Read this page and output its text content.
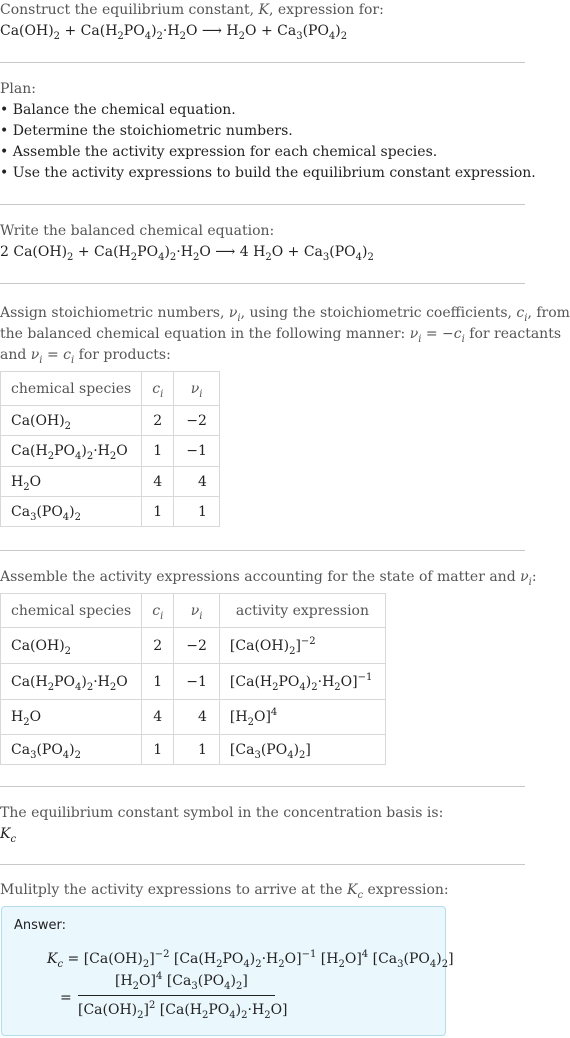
Construct the equilibrium constant, K, expression for:

$Ca(OH)_2 + Ca(H_2PO_4)_2\cdot H_2O$ ⟶ $H_2O + Ca_3(PO_4)_2$

Plan:

• Balance the chemical equation.

• Determine the stoichiometric numbers.

• Assemble the activity expression for each chemical species.

• Use the activity expressions to build the equilibrium constant expression.

Write the balanced chemical equation:

2 $Ca(OH)_2 + Ca(H_2PO_4)_2\cdot H_2O$ ⟶ 4 $H_2O + Ca_3(PO_4)_2$

Assign stoichiometric numbers, $\nu_i$, using the stoichiometric coefficients, $c_i$, from

the balanced chemical equation in the following manner: $\nu_i = -c_i$ for reactants

and $\nu_i = c_i$ for products:

chemical species	$c_i$	$\nu_i$
$Ca(OH)_2$	2	−2
$Ca(H_2PO_4)_2\cdot H_2O$	1	−1
$H_2O$	4	4
$Ca_3(PO_4)_2$	1	1

Assemble the activity expressions accounting for the state of matter and $\nu_i$:

chemical species	$c_i$	$\nu_i$	activity expression
$Ca(OH)_2$	2	−2	$[Ca(OH)_2]^{-2}$
$Ca(H_2PO_4)_2\cdot H_2O$	1	−1	$[Ca(H_2PO_4)_2\cdot H_2O]^{-1}$
$H_2O$	4	4	$[H_2O]^4$
$Ca_3(PO_4)_2$	1	1	$[Ca_3(PO_4)_2]$

The equilibrium constant symbol in the concentration basis is:

$K_c$

Mulitply the activity expressions to arrive at the $K_c$ expression:

Answer:
$K_c = [Ca(OH)_2]^{-2}$ $[Ca(H_2PO_4)_2\cdot H_2O]^{-1}$ $[H_2O]^4$ $[Ca_3(PO_4)_2]$
=
$[H_2O]^4$ $[Ca_3(PO_4)_2]$
$[Ca(OH)_2]^2$ $[Ca(H_2PO_4)_2\cdot H_2O]$
